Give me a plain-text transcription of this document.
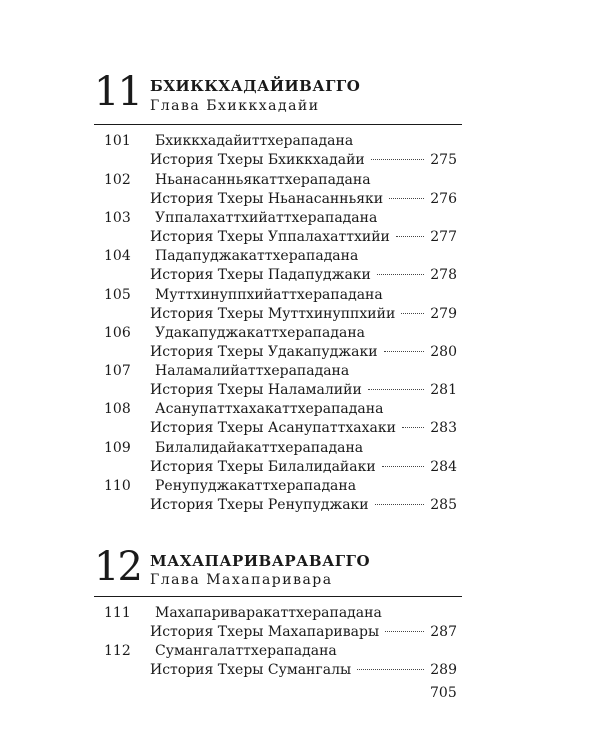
11 БХИККХАДАЙИВАГГО
Глава Бхиккхадайи
101 Бхиккхадайиттхерападана
История Тхеры Бхиккхадайи	275
102 Ньанасанньякаттхерападана
История Тхеры Ньанасанньяки	276
103 Уппалахаттхийаттхерападана
История Тхеры Уппалахаттхийи	277
104 Падапуджакаттхерападана
История Тхеры Падапуджаки	278
105 Муттхинуппхийаттхерападана
История Тхеры Муттхинуппхийи 279
106 Удакапуджакаттхерападана
История Тхеры Удакапуджаки	280
107 Наламалийаттхерападана
История Тхеры Наламалийи	281
108 Асанупаттхахакаттхерападана
История Тхеры Асанупаттхахаки 283
109 Билалидайакаттхерападана
История Тхеры Билалидайаки	284
110 Ренупуджакаттхерападана
История Тхеры Ренупуджаки	285
12 МАХАПАРИВАРАВАГГО
Глава Махапаривара
111 Махапариваракаттхерападана
История Тхеры Махапаривары	287
112 Сумангалаттхерападана
История Тхеры Сумангалы	289
705
